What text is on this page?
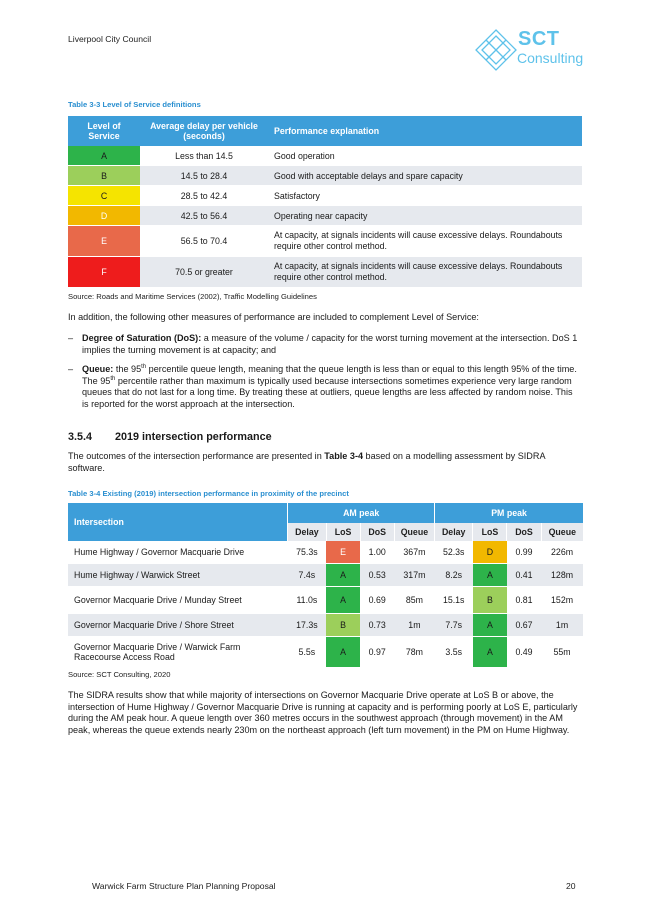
Liverpool City Council	SCT
Consulting
Table 3-3 Level of Service definitions
Level of Service	Average delay per vehicle (seconds)	Performance explanation
A	Less than 14.5	Good operation
B	14.5 to 28.4	Good with acceptable delays and spare capacity
C	28.5 to 42.4	Satisfactory
D	42.5 to 56.4	Operating near capacity
E	56.5 to 70.4	At capacity, at signals incidents will cause excessive delays. Roundabouts require other control method.
F	70.5 or greater	At capacity, at signals incidents will cause excessive delays. Roundabouts require other control method.
Source: Roads and Maritime Services (2002), Traffic Modelling Guidelines
In addition, the following other measures of performance are included to complement Level of Service:
– Degree of Saturation (DoS): a measure of the volume / capacity for the worst turning movement at the intersection. DoS 1 implies the turning movement is at capacity; and
– Queue: the 95th percentile queue length, meaning that the queue length is less than or equal to this length 95% of the time. The 95th percentile rather than maximum is typically used because intersections sometimes experience very large random queues that do not last for a long time. By treating these at outliers, queue lengths are less affected by random noise. This is reported for the worst approach at the intersection.
3.5.4 2019 intersection performance
The outcomes of the intersection performance are presented in Table 3-4 based on a modelling assessment by SIDRA software.
Table 3-4 Existing (2019) intersection performance in proximity of the precinct
Intersection	AM peak				PM peak			
	Delay	LoS	DoS	Queue	Delay	LoS	DoS	Queue
Hume Highway / Governor Macquarie Drive	75.3s	E	1.00	367m	52.3s	D	0.99	226m
Hume Highway / Warwick Street	7.4s	A	0.53	317m	8.2s	A	0.41	128m
Governor Macquarie Drive / Munday Street	11.0s	A	0.69	85m	15.1s	B	0.81	152m
Governor Macquarie Drive / Shore Street	17.3s	B	0.73	1m	7.7s	A	0.67	1m
Governor Macquarie Drive / Warwick Farm Racecourse Access Road	5.5s	A	0.97	78m	3.5s	A	0.49	55m
Source: SCT Consulting, 2020
The SIDRA results show that while majority of intersections on Governor Macquarie Drive operate at LoS B or above, the intersection of Hume Highway / Governor Macquarie Drive is running at capacity and is performing poorly at LoS E, particularly during the AM peak hour. A queue length over 360 metres occurs in the southwest approach (through movement) in the AM peak, whereas the queue extends nearly 230m on the northeast approach (left turn movement) in the PM on Hume Highway.
Warwick Farm Structure Plan Planning Proposal	20
